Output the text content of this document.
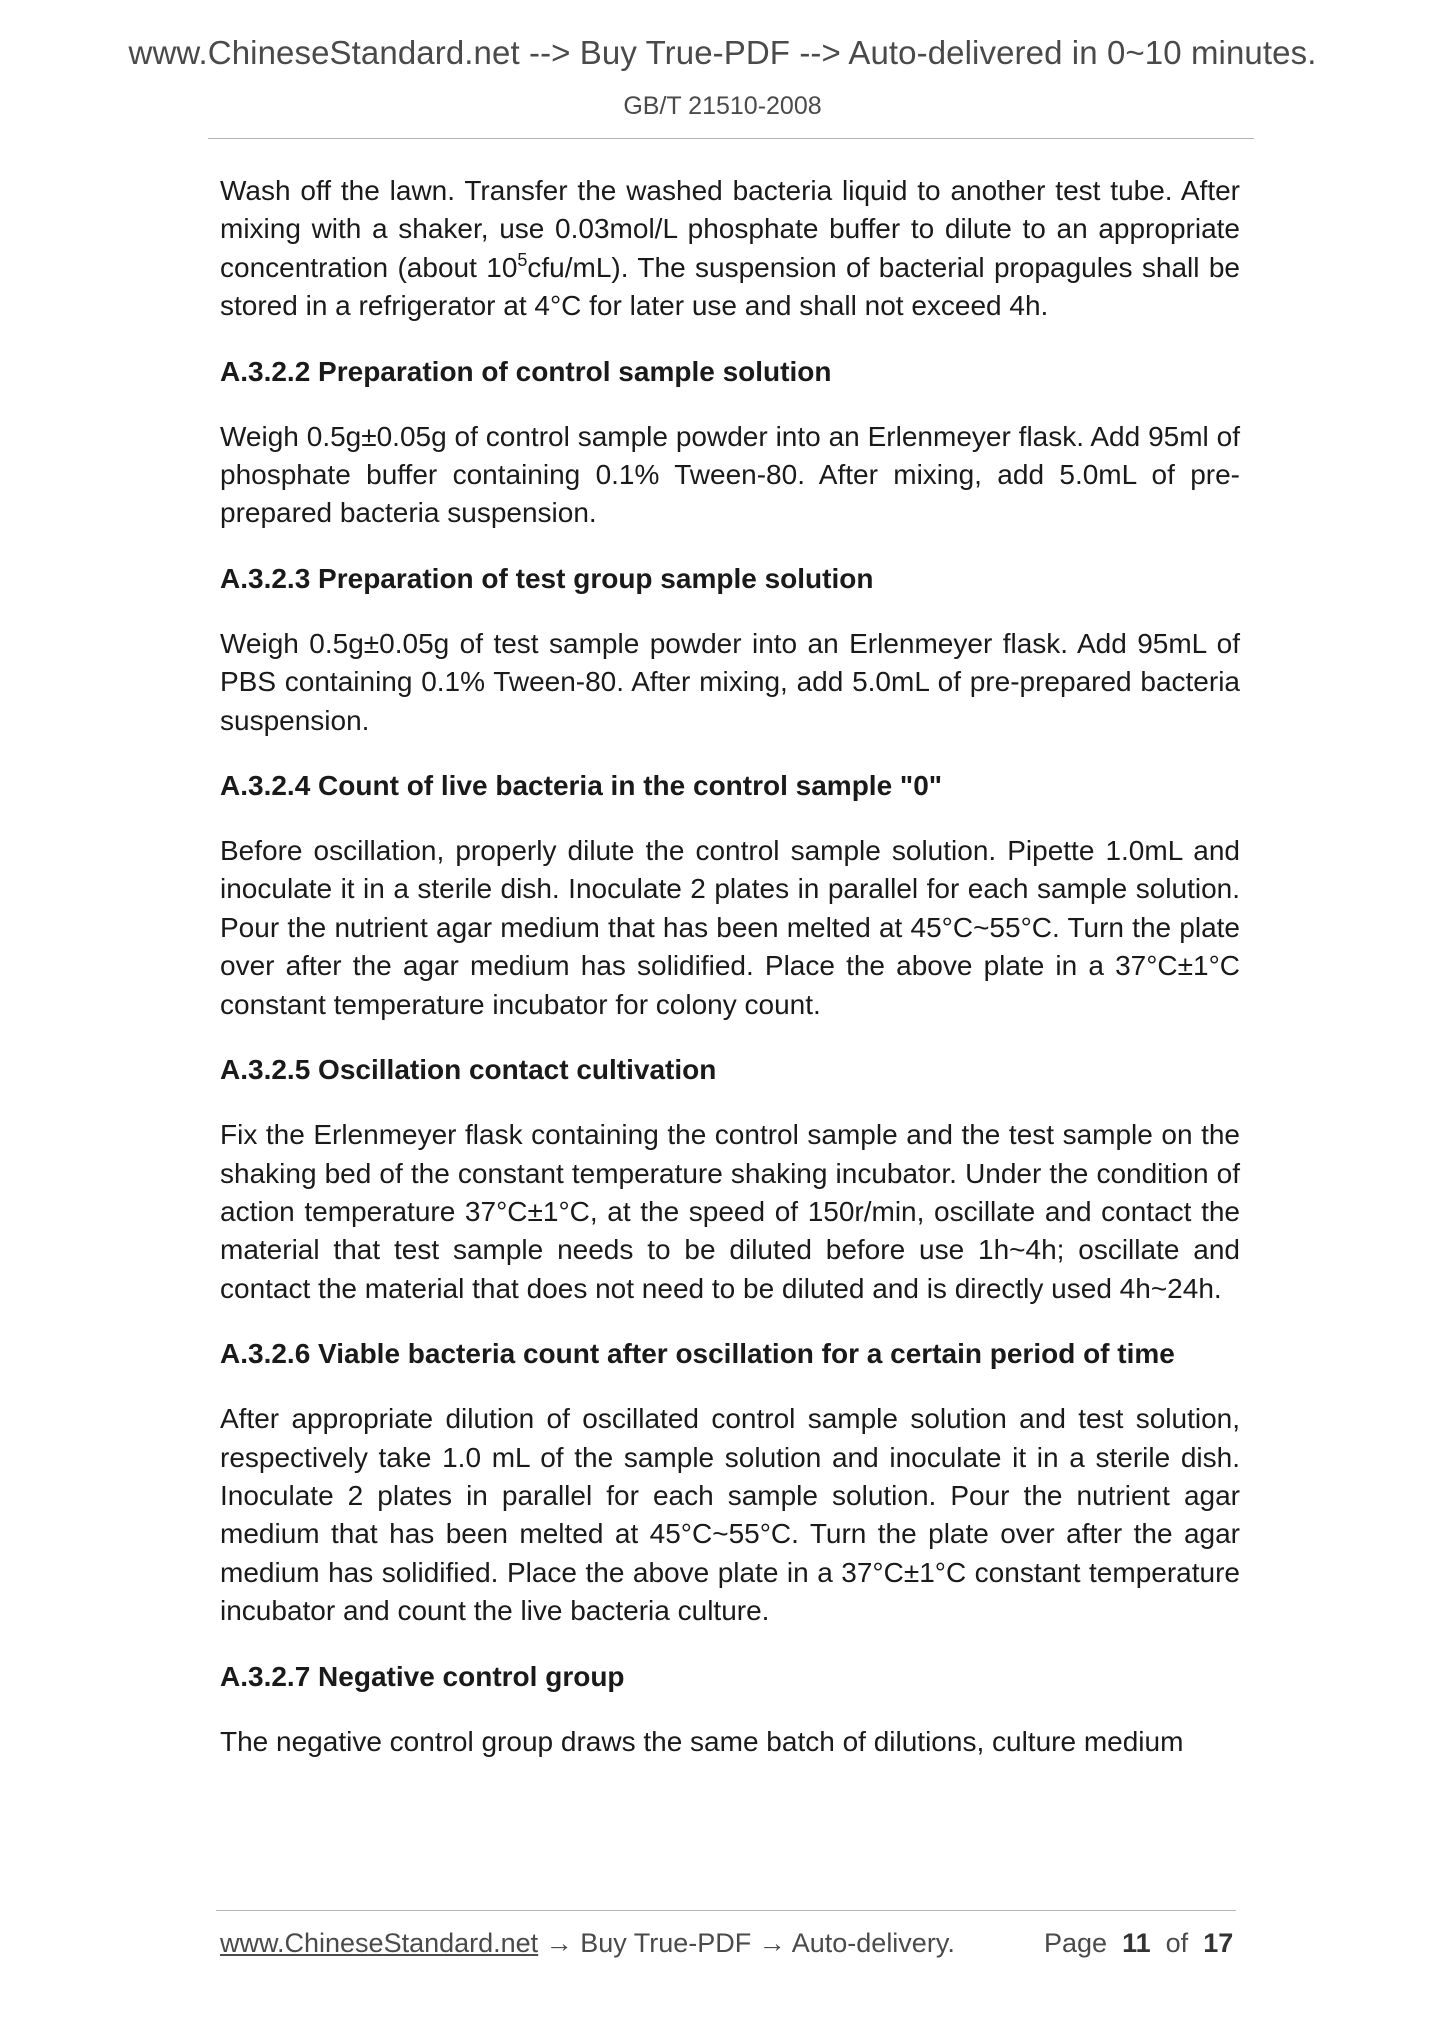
www.ChineseStandard.net --> Buy True-PDF --> Auto-delivered in 0~10 minutes.
GB/T 21510-2008

Wash off the lawn. Transfer the washed bacteria liquid to another test tube. After mixing with a shaker, use 0.03mol/L phosphate buffer to dilute to an appropriate concentration (about $10^5cfu/mL$). The suspension of bacterial propagules shall be stored in a refrigerator at 4°C for later use and shall not exceed 4h.

A.3.2.2 Preparation of control sample solution

Weigh 0.5g±0.05g of control sample powder into an Erlenmeyer flask. Add 95ml of phosphate buffer containing 0.1% Tween-80. After mixing, add 5.0mL of pre-prepared bacteria suspension.

A.3.2.3 Preparation of test group sample solution

Weigh 0.5g±0.05g of test sample powder into an Erlenmeyer flask. Add 95mL of PBS containing 0.1% Tween-80. After mixing, add 5.0mL of pre-prepared bacteria suspension.

A.3.2.4 Count of live bacteria in the control sample "0"

Before oscillation, properly dilute the control sample solution. Pipette 1.0mL and inoculate it in a sterile dish. Inoculate 2 plates in parallel for each sample solution. Pour the nutrient agar medium that has been melted at 45°C~55°C. Turn the plate over after the agar medium has solidified. Place the above plate in a 37°C±1°C constant temperature incubator for colony count.

A.3.2.5 Oscillation contact cultivation

Fix the Erlenmeyer flask containing the control sample and the test sample on the shaking bed of the constant temperature shaking incubator. Under the condition of action temperature 37°C±1°C, at the speed of 150r/min, oscillate and contact the material that test sample needs to be diluted before use 1h~4h; oscillate and contact the material that does not need to be diluted and is directly used 4h~24h.

A.3.2.6 Viable bacteria count after oscillation for a certain period of time

After appropriate dilution of oscillated control sample solution and test solution, respectively take 1.0 mL of the sample solution and inoculate it in a sterile dish. Inoculate 2 plates in parallel for each sample solution. Pour the nutrient agar medium that has been melted at 45°C~55°C. Turn the plate over after the agar medium has solidified. Place the above plate in a 37°C±1°C constant temperature incubator and count the live bacteria culture.

A.3.2.7 Negative control group

The negative control group draws the same batch of dilutions, culture medium

www.ChineseStandard.net → Buy True-PDF → Auto-delivery.	Page 11 of 17
